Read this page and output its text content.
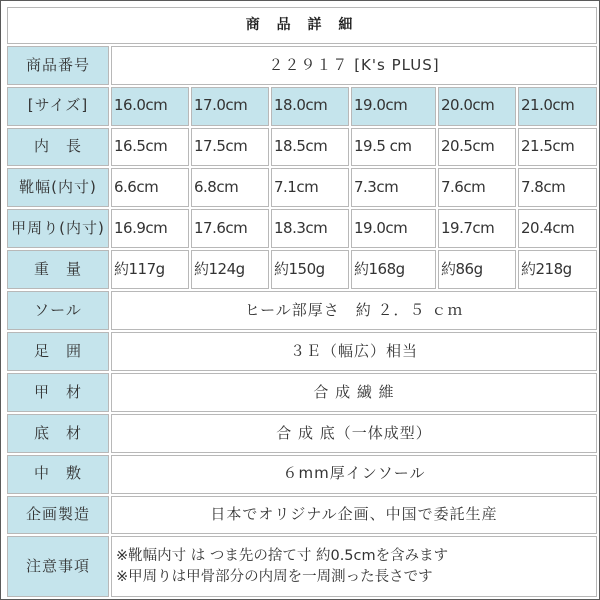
商 品 詳 細						
商品番号	２２９１７ [K's PLUS]					
[サイズ]	16.0cm	17.0cm	18.0cm	19.0cm	20.0cm	21.0cm
内　長	16.5cm	17.5cm	18.5cm	19.5 cm	20.5cm	21.5cm
靴幅(内寸)	6.6cm	6.8cm	7.1cm	7.3cm	7.6cm	7.8cm
甲周り(内寸)	16.9cm	17.6cm	18.3cm	19.0cm	19.7cm	20.4cm
重　量	約117g	約124g	約150g	約168g	約86g	約218g
ソール	ヒール部厚さ　約 ２．５ ｃｍ					
足　囲	３Ｅ（幅広）相当					
甲　材	合 成 繊 維					
底　材	合 成 底（一体成型）					
中　敷	６mm厚インソール					
企画製造	日本でオリジナル企画、中国で委託生産					
注意事項	※靴幅内寸 は つま先の捨て寸 約0.5cmを含みます
※甲周りは甲骨部分の内周を一周測った長さです					
